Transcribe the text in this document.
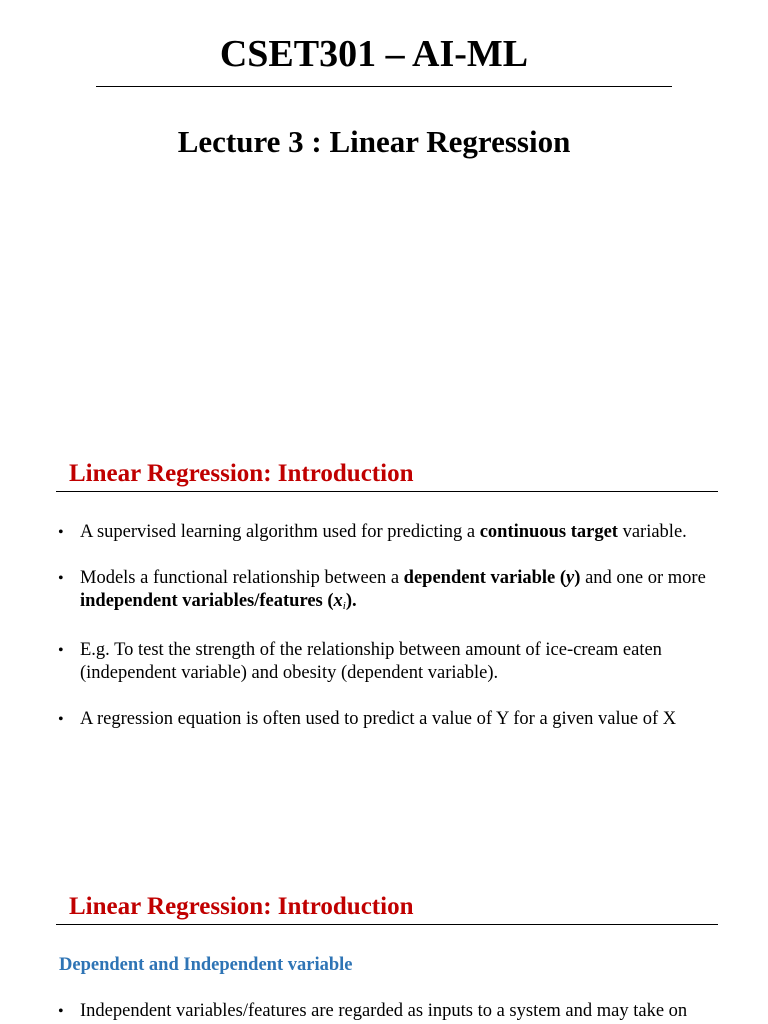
CSET301 – AI-ML
Lecture 3 : Linear Regression
Linear Regression: Introduction
• A supervised learning algorithm used for predicting a continuous target variable.
• Models a functional relationship between a dependent variable (y) and one or more independent variables/features $(x_i)$.
• E.g. To test the strength of the relationship between amount of ice-cream eaten (independent variable) and obesity (dependent variable).
• A regression equation is often used to predict a value of Y for a given value of X
Linear Regression: Introduction
Dependent and Independent variable
• Independent variables/features are regarded as inputs to a system and may take on
